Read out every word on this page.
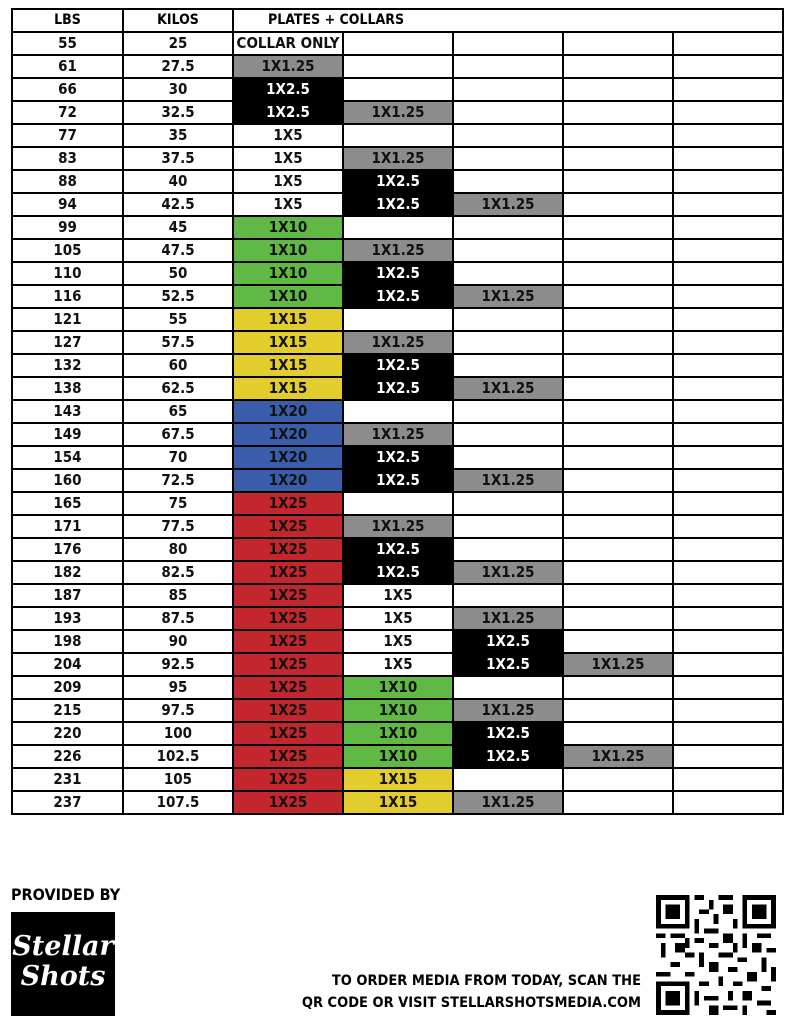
LBS	KILOS	PLATES + COLLARS				
55	25	COLLAR ONLY				
61	27.5	1X1.25				
66	30	1X2.5				
72	32.5	1X2.5	1X1.25			
77	35	1X5				
83	37.5	1X5	1X1.25			
88	40	1X5	1X2.5			
94	42.5	1X5	1X2.5	1X1.25		
99	45	1X10				
105	47.5	1X10	1X1.25			
110	50	1X10	1X2.5			
116	52.5	1X10	1X2.5	1X1.25		
121	55	1X15				
127	57.5	1X15	1X1.25			
132	60	1X15	1X2.5			
138	62.5	1X15	1X2.5	1X1.25		
143	65	1X20				
149	67.5	1X20	1X1.25			
154	70	1X20	1X2.5			
160	72.5	1X20	1X2.5	1X1.25		
165	75	1X25				
171	77.5	1X25	1X1.25			
176	80	1X25	1X2.5			
182	82.5	1X25	1X2.5	1X1.25		
187	85	1X25	1X5			
193	87.5	1X25	1X5	1X1.25		
198	90	1X25	1X5	1X2.5		
204	92.5	1X25	1X5	1X2.5	1X1.25	
209	95	1X25	1X10			
215	97.5	1X25	1X10	1X1.25		
220	100	1X25	1X10	1X2.5		
226	102.5	1X25	1X10	1X2.5	1X1.25	
231	105	1X25	1X15			
237	107.5	1X25	1X15	1X1.25		
PROVIDED BY
Stellar
Shots	TO ORDER MEDIA FROM TODAY, SCAN THE
QR CODE OR VISIT STELLARSHOTSMEDIA.COM
